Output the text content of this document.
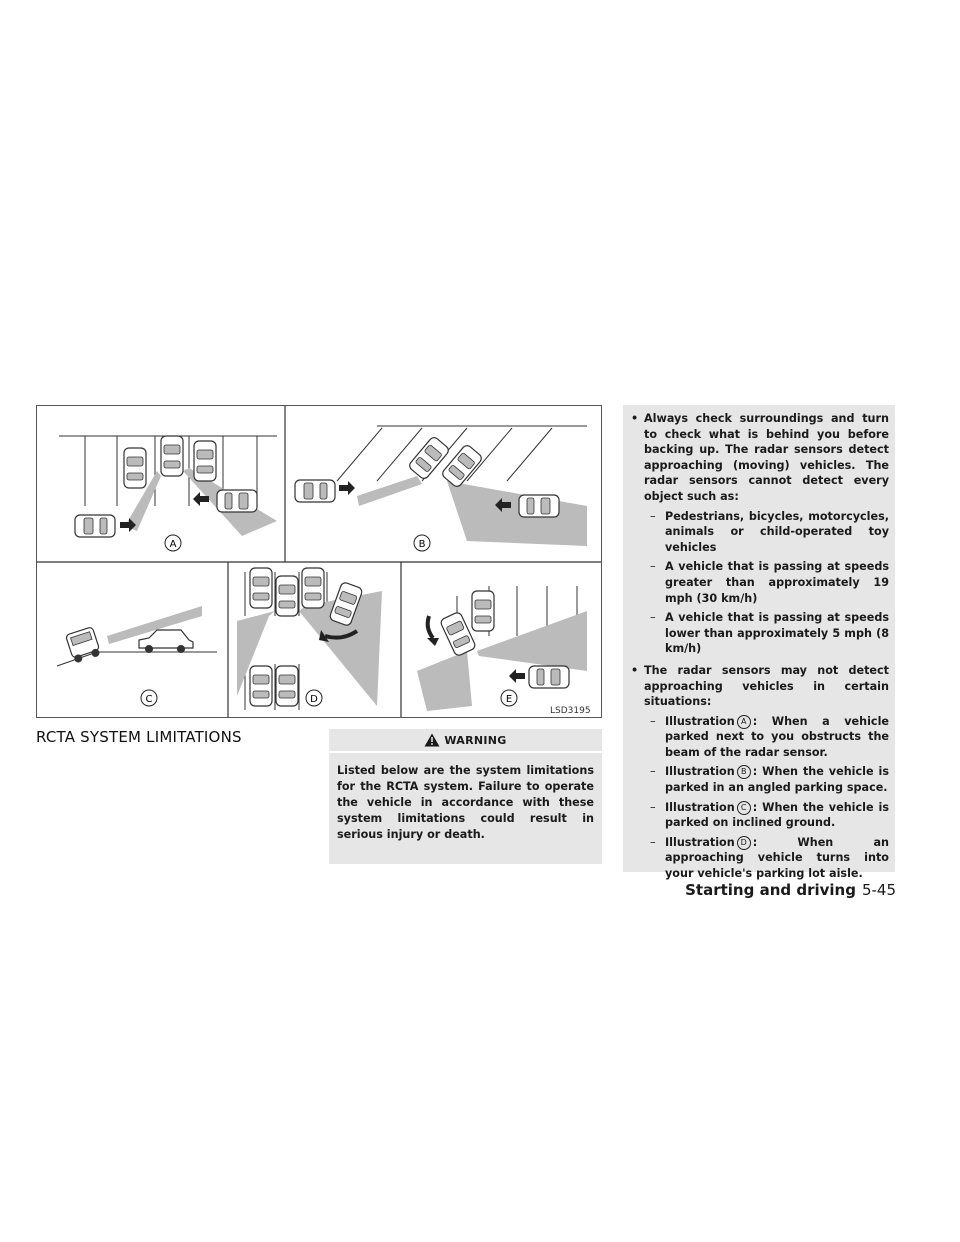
A	B
C	D	E
LSD3195
RCTA SYSTEM LIMITATIONS	WARNING
Listed below are the system limitations for the RCTA system. Failure to operate the vehicle in accordance with these system limitations could result in serious injury or death.
• Always check surroundings and turn to check what is behind you before backing up. The radar sensors detect approaching (moving) vehicles. The radar sensors cannot detect every object such as:
– Pedestrians, bicycles, motorcycles, animals or child-operated toy vehicles
– A vehicle that is passing at speeds greater than approximately 19 mph (30 km/h)
– A vehicle that is passing at speeds lower than approximately 5 mph (8 km/h)
• The radar sensors may not detect approaching vehicles in certain situations:
– Illustration A : When a vehicle parked next to you obstructs the beam of the radar sensor.
– Illustration B : When the vehicle is parked in an angled parking space.
– Illustration C : When the vehicle is parked on inclined ground.
– Illustration D : When an approaching vehicle turns into your vehicle's parking lot aisle.
Starting and driving 5-45
